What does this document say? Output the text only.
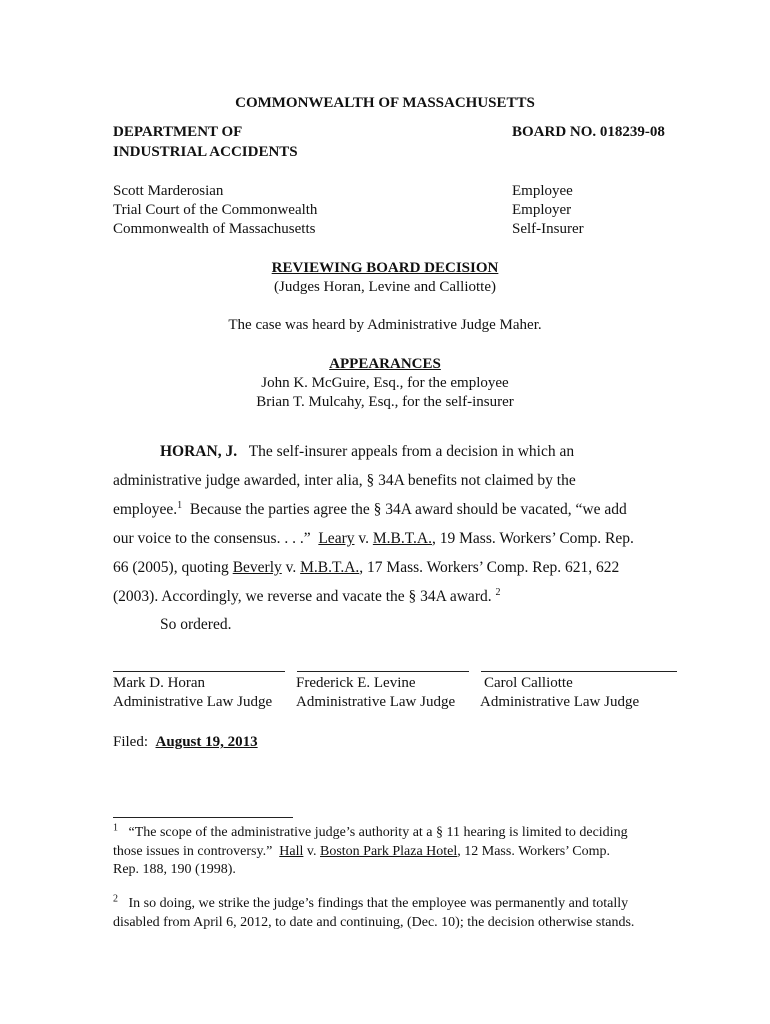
COMMONWEALTH OF MASSACHUSETTS
DEPARTMENT OF
INDUSTRIAL ACCIDENTS
BOARD NO. 018239-08
Scott Marderosian	Employee
Trial Court of the Commonwealth	Employer
Commonwealth of Massachusetts	Self-Insurer
REVIEWING BOARD DECISION
(Judges Horan, Levine and Calliotte)
The case was heard by Administrative Judge Maher.
APPEARANCES
John K. McGuire, Esq., for the employee
Brian T. Mulcahy, Esq., for the self-insurer
HORAN, J. The self-insurer appeals from a decision in which an
administrative judge awarded, inter alia, § 34A benefits not claimed by the
employee.$^1$ Because the parties agree the § 34A award should be vacated, “we add
our voice to the consensus. . . .” Leary v. M.B.T.A., 19 Mass. Workers’ Comp. Rep.
66 (2005), quoting Beverly v. M.B.T.A., 17 Mass. Workers’ Comp. Rep. 621, 622
(2003). Accordingly, we reverse and vacate the § 34A award. $^2$
So ordered.
Mark D. Horan	Frederick E. Levine	Carol Calliotte
Administrative Law Judge Administrative Law Judge Administrative Law Judge
Filed: August 19, 2013
$^1$ “The scope of the administrative judge’s authority at a § 11 hearing is limited to deciding
those issues in controversy.” Hall v. Boston Park Plaza Hotel, 12 Mass. Workers’ Comp.
Rep. 188, 190 (1998).
$^2$ In so doing, we strike the judge’s findings that the employee was permanently and totally
disabled from April 6, 2012, to date and continuing, (Dec. 10); the decision otherwise stands.
